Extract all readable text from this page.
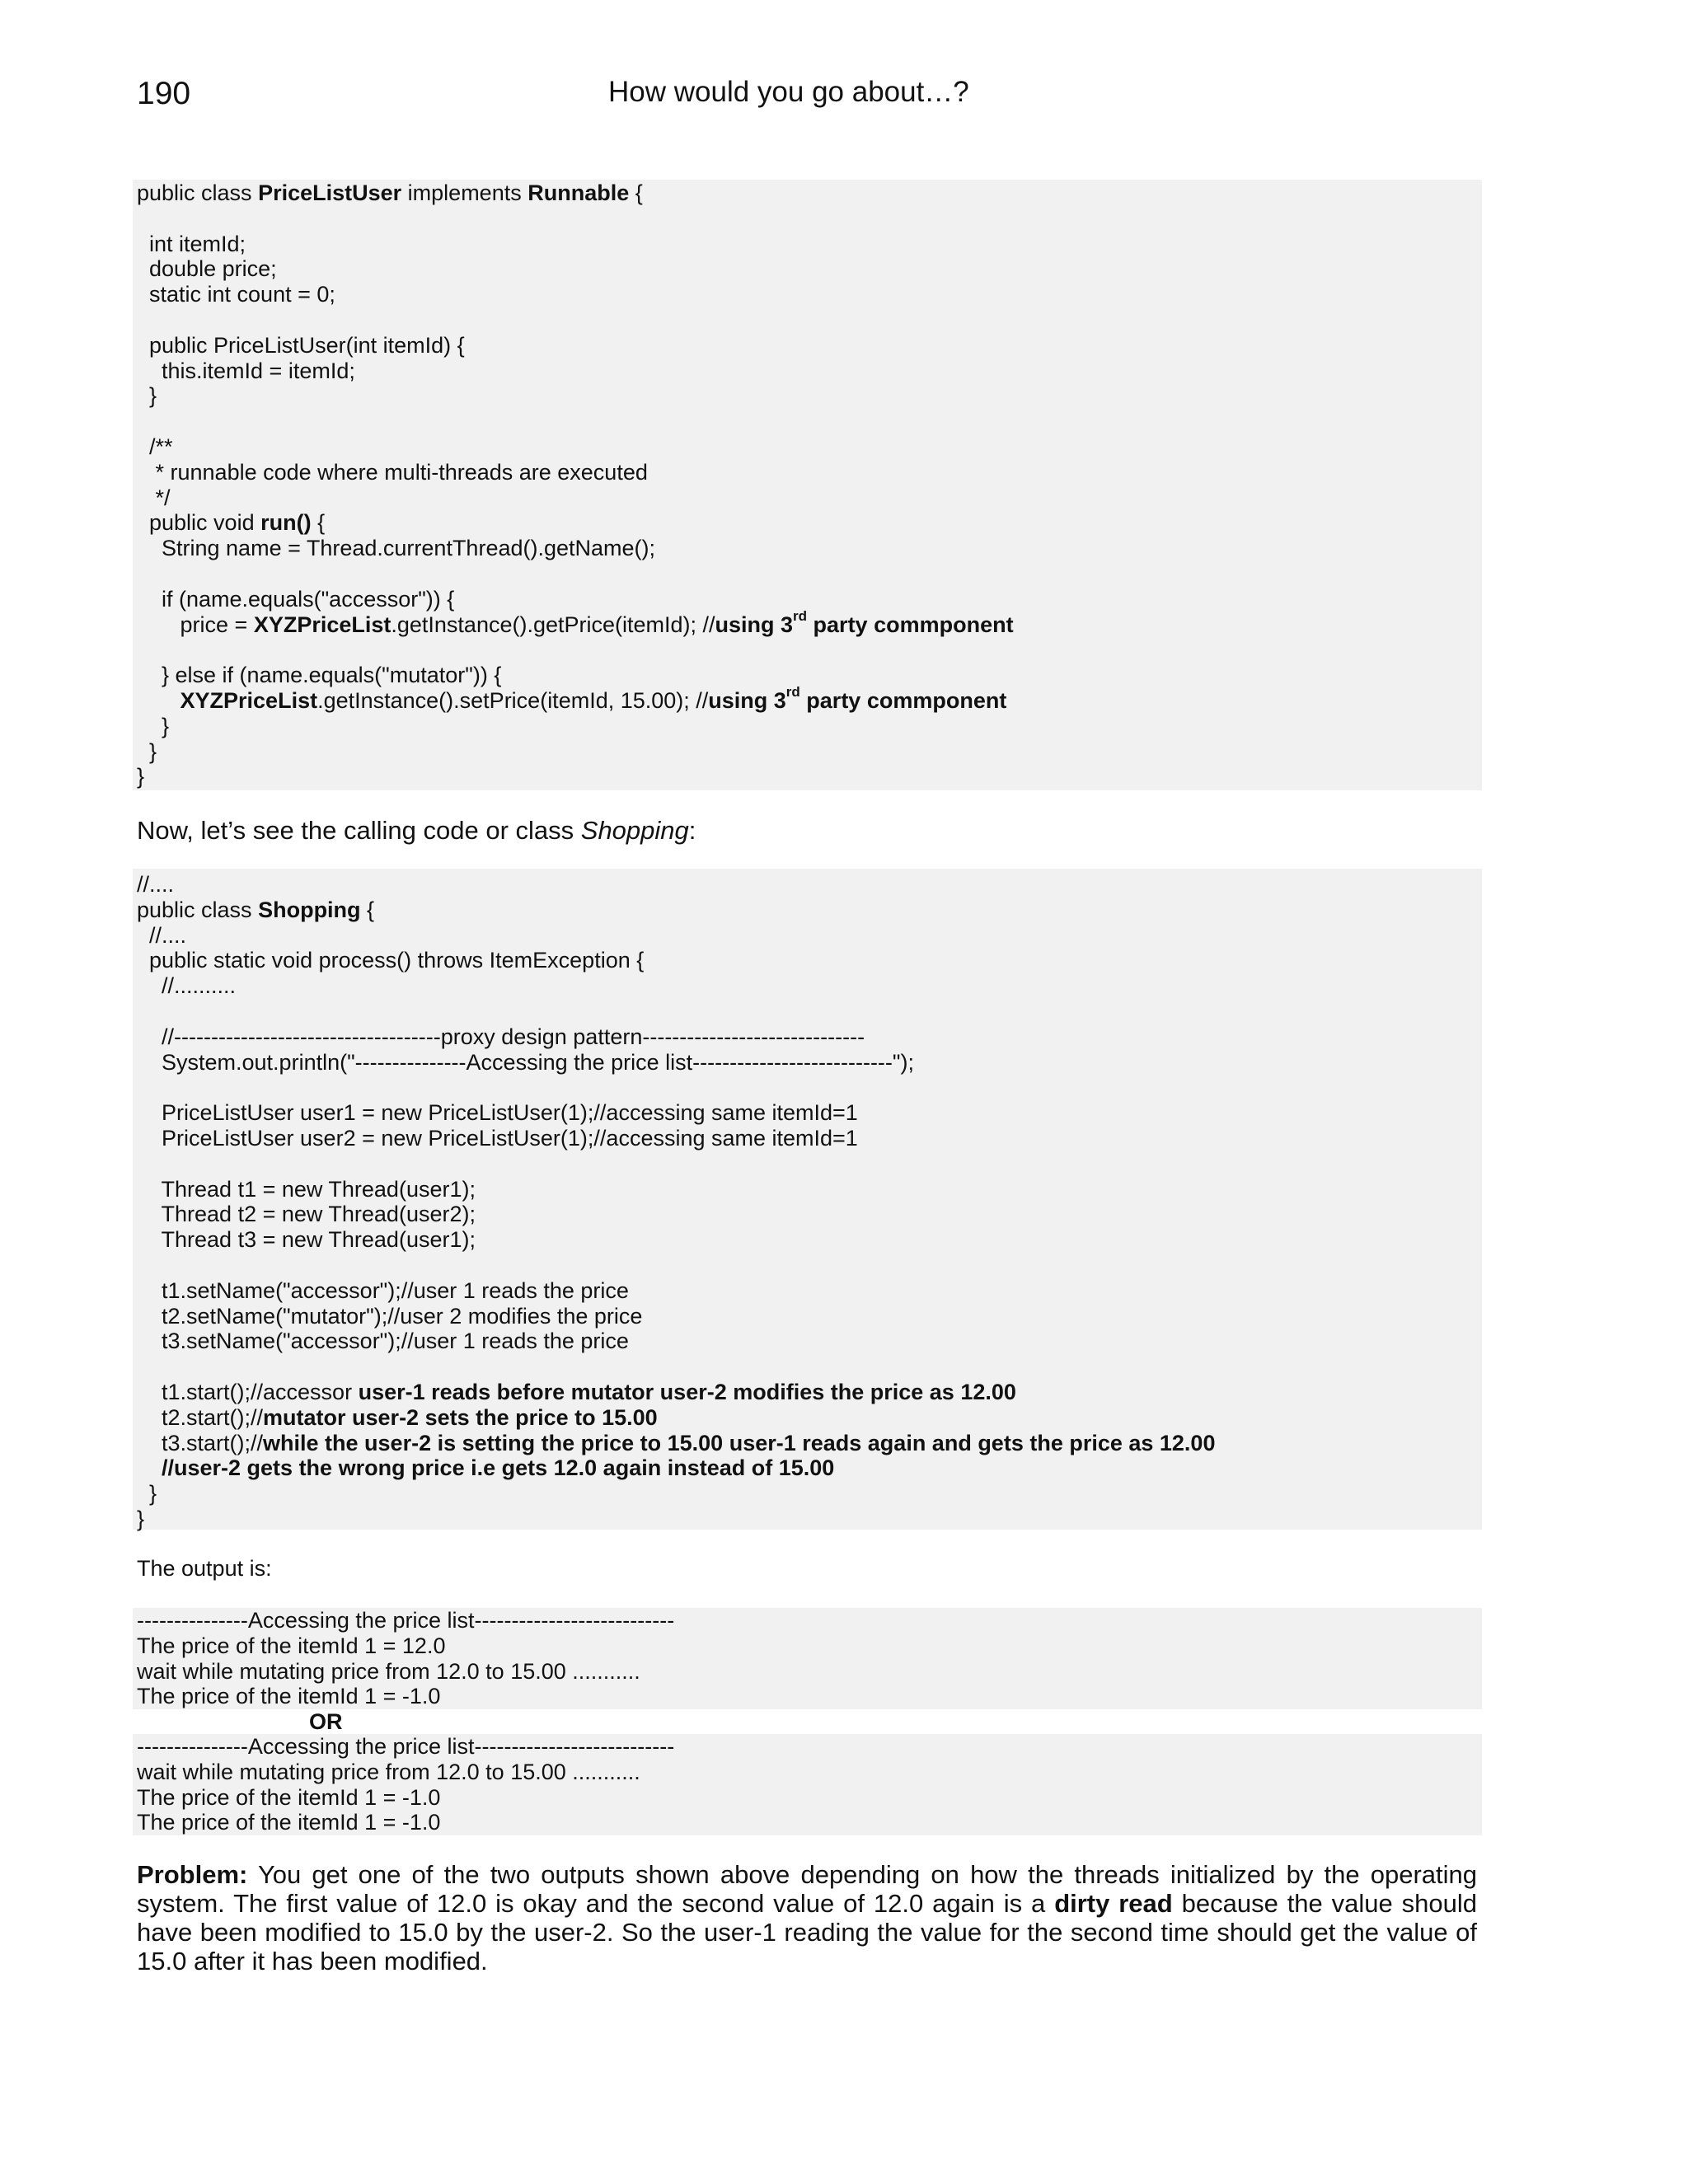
190	How would you go about…?
public class PriceListUser implements Runnable {

int itemId;
double price;
static int count = 0;

public PriceListUser(int itemId) {
this.itemId = itemId;
}

/**
* runnable code where multi-threads are executed
*/
public void run() {
String name = Thread.currentThread().getName();

if (name.equals("accessor")) {
price = XYZPriceList.getInstance().getPrice(itemId); //using 3rd party commponent

} else if (name.equals("mutator")) {
XYZPriceList.getInstance().setPrice(itemId, 15.00); //using 3rd party commponent
}
}
}
Now, let’s see the calling code or class Shopping:
//....
public class Shopping {
//....
public static void process() throws ItemException {
//..........

//------------------------------------proxy design pattern------------------------------
System.out.println("---------------Accessing the price list---------------------------");

PriceListUser user1 = new PriceListUser(1);//accessing same itemId=1
PriceListUser user2 = new PriceListUser(1);//accessing same itemId=1

Thread t1 = new Thread(user1);
Thread t2 = new Thread(user2);
Thread t3 = new Thread(user1);

t1.setName("accessor");//user 1 reads the price
t2.setName("mutator");//user 2 modifies the price
t3.setName("accessor");//user 1 reads the price

t1.start();//accessor user-1 reads before mutator user-2 modifies the price as 12.00
t2.start();//mutator user-2 sets the price to 15.00
t3.start();//while the user-2 is setting the price to 15.00 user-1 reads again and gets the price as 12.00
//user-2 gets the wrong price i.e gets 12.0 again instead of 15.00
}
}
The output is:
---------------Accessing the price list---------------------------
The price of the itemId 1 = 12.0
wait while mutating price from 12.0 to 15.00 ...........
The price of the itemId 1 = -1.0
OR
---------------Accessing the price list---------------------------
wait while mutating price from 12.0 to 15.00 ...........
The price of the itemId 1 = -1.0
The price of the itemId 1 = -1.0
Problem: You get one of the two outputs shown above depending on how the threads initialized by the operating system. The first value of 12.0 is okay and the second value of 12.0 again is a dirty read because the value should have been modified to 15.0 by the user-2. So the user-1 reading the value for the second time should get the value of 15.0 after it has been modified.
